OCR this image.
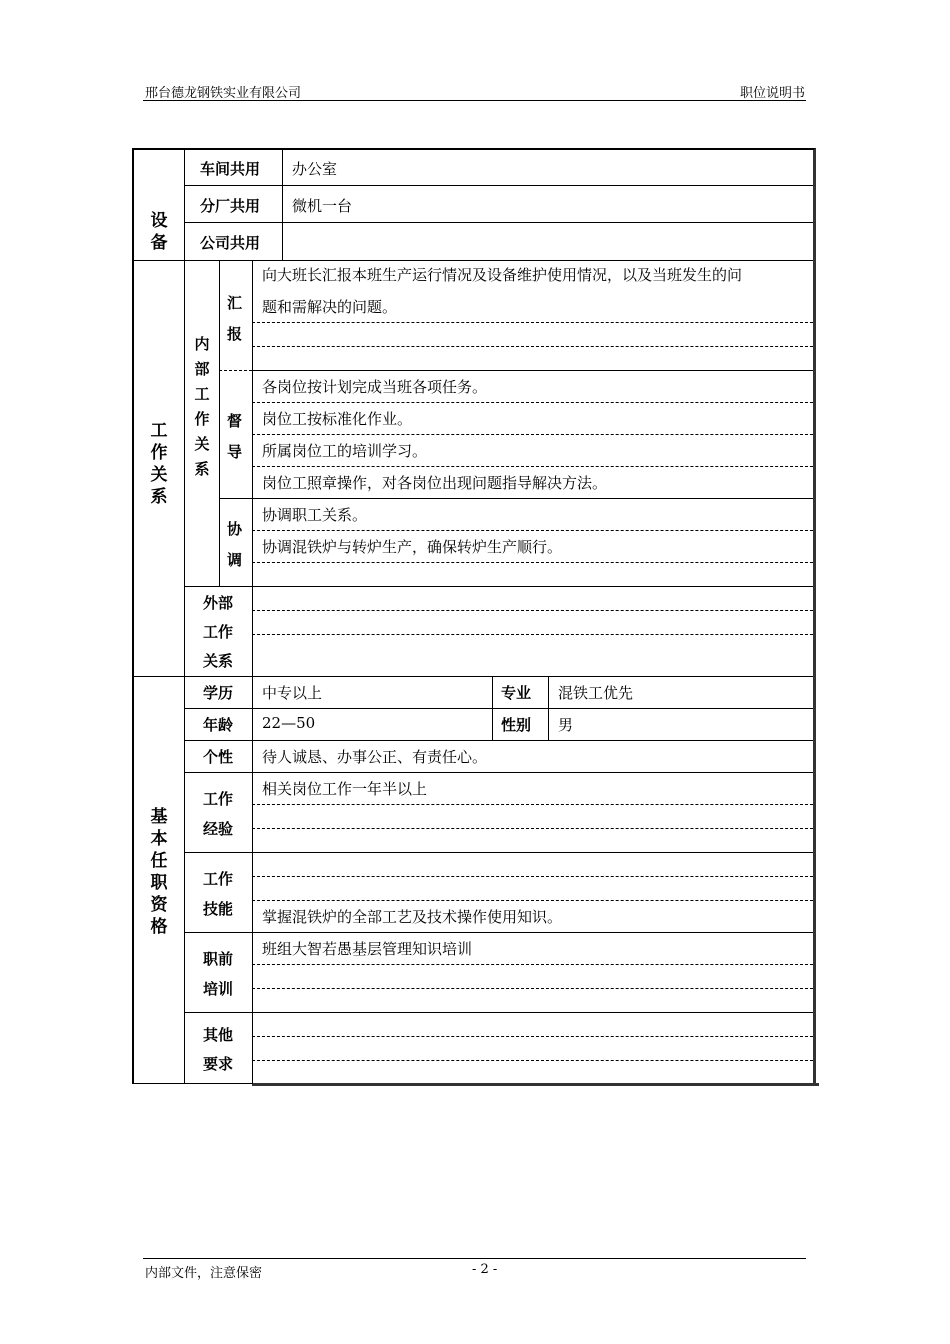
邢台德龙钢铁实业有限公司	职位说明书
设备
车间共用 办公室
分厂共用 微机一台
公司共用
工作关系
内部工作关系
汇报
向大班长汇报本班生产运行情况及设备维护使用情况，以及当班发生的问
题和需解决的问题。
督导
各岗位按计划完成当班各项任务。
岗位工按标准化作业。
所属岗位工的培训学习。
岗位工照章操作，对各岗位出现问题指导解决方法。
协调
协调职工关系。
协调混铁炉与转炉生产，确保转炉生产顺行。
外部
工作
关系
基本任职资格
学历 中专以上	专业 混铁工优先
年龄 22—50	性别 男
个性 待人诚恳、办事公正、有责任心。
工作
经验
相关岗位工作一年半以上
工作
技能 掌握混铁炉的全部工艺及技术操作使用知识。
职前
培训
班组大智若愚基层管理知识培训
其他
要求
内部文件，注意保密	- 2 -
